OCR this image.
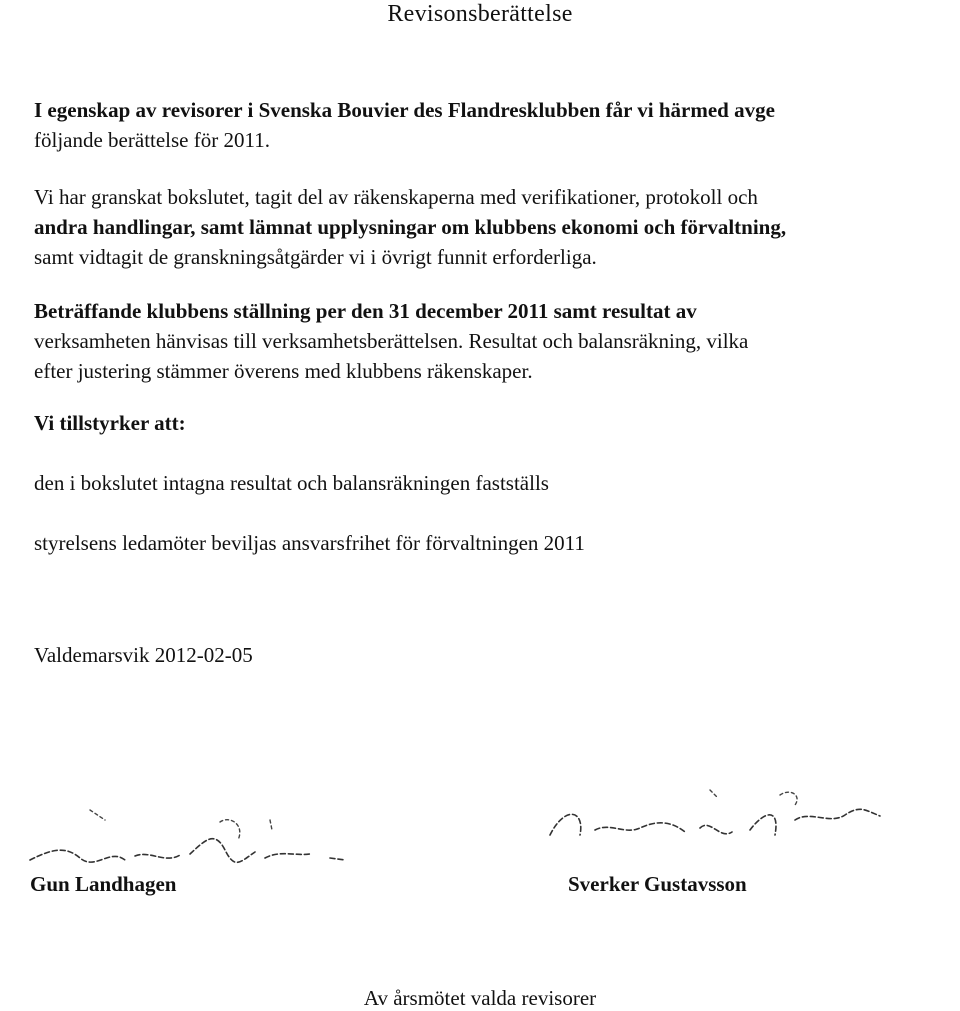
Revisonsberättelse
I egenskap av revisorer i Svenska Bouvier des Flandresklubben får vi härmed avge
följande berättelse för 2011.
Vi har granskat bokslutet, tagit del av räkenskaperna med verifikationer, protokoll och
andra handlingar, samt lämnat upplysningar om klubbens ekonomi och förvaltning,
samt vidtagit de granskningsåtgärder vi i övrigt funnit erforderliga.
Beträffande klubbens ställning per den 31 december 2011 samt resultat av
verksamheten hänvisas till verksamhetsberättelsen. Resultat och balansräkning, vilka
efter justering stämmer överens med klubbens räkenskaper.
Vi tillstyrker att:
den i bokslutet intagna resultat och balansräkningen fastställs
styrelsens ledamöter beviljas ansvarsfrihet för förvaltningen 2011
Valdemarsvik 2012-02-05
Gun Landhagen	Sverker Gustavsson
Av årsmötet valda revisorer
